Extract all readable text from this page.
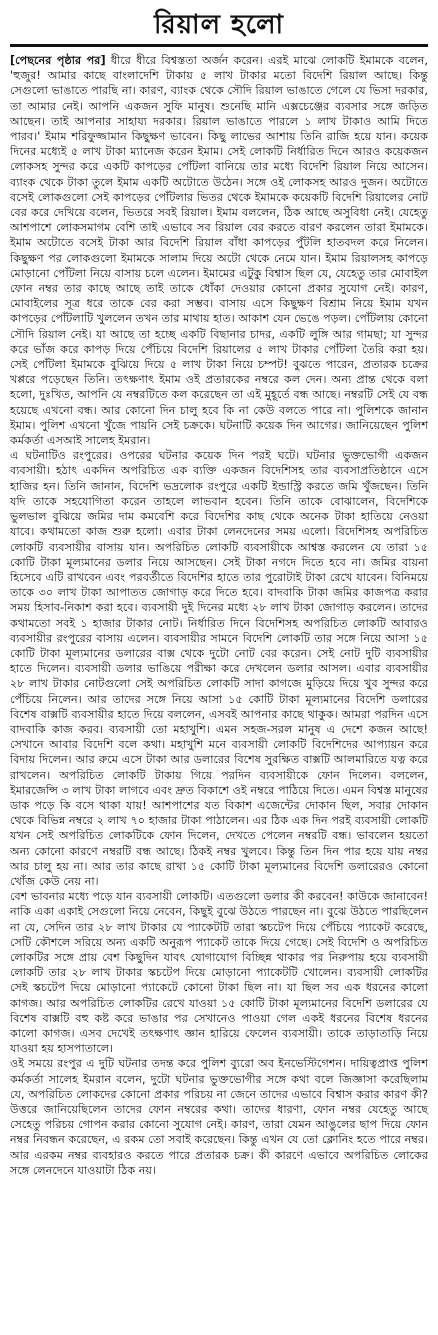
রিয়াল হলো

[পেছনের পৃষ্ঠার পর] ধীরে ধীরে বিশ্বস্ততা অর্জন করেন। এরই মাঝে লোকটি ইমামকে বলেন, 'হুজুর! আমার কাছে বাংলাদেশি টাকায় ৫ লাখ টাকার মতো বিদেশি রিয়াল আছে। কিন্তু সেগুলো ভাঙাতে পারছি না। কারণ, ব্যাংক থেকে সৌদি রিয়াল ভাঙাতে গেলে যে ভিসা দরকার, তা আমার নেই। আপনি একজন সুফি মানুষ। শুনেছি মানি এক্সচেঞ্জের ব্যবসার সঙ্গে জড়িত আছেন। তাই আপনার সাহায্য দরকার। রিয়াল ভাঙাতে পারলে ১ লাখ টাকাও আমি দিতে পারব।' ইমাম শরিফুজ্জামান কিছুক্ষণ ভাবেন। কিছু লাভের আশায় তিনি রাজি হয়ে যান। কয়েক দিনের মধ্যেই ৫ লাখ টাকা ম্যানেজ করেন ইমাম। সেই লোকটি নির্ধারিত দিনে আরও কয়েকজন লোকসহ সুন্দর করে একটি কাপড়ের পোঁটলা বানিয়ে তার মধ্যে বিদেশি রিয়াল নিয়ে আসেন। ব্যাংক থেকে টাকা তুলে ইমাম একটি অটোতে উঠেন। সঙ্গে ওই লোকসহ আরও দুজন। অটোতে বসেই লোকগুলো সেই কাপড়ের পোঁটলার ভিতর থেকে ইমামকে কয়েকটি বিদেশি রিয়ালের নোট বের করে দেখিয়ে বলেন, ভিতরে সবই রিয়াল। ইমাম বললেন, ঠিক আছে অসুবিধা নেই। যেহেতু আশপাশে লোকসমাগম বেশি তাই এভাবে সব রিয়াল বের করতে বারণ করলেন তারা ইমামকে। ইমাম অটোতে বসেই টাকা আর বিদেশি রিয়াল বাঁধা কাপড়ের পুঁটলি হাতবদল করে নিলেন। কিছুক্ষণ পর লোকগুলো ইমামকে সালাম দিয়ে অটো থেকে নেমে যান। ইমাম রিয়ালসহ কাপড়ে মোড়ানো পোঁটলা নিয়ে বাসায় চলে এলেন। ইমামের এটুকু বিশ্বাস ছিল যে, যেহেতু তার মোবাইল ফোন নম্বর তার কাছে আছে তাই তাকে ধোঁকা দেওয়ার কোনো প্রকার সুযোগ নেই। কারণ, মোবাইলের সূত্র ধরে তাকে বের করা সম্ভব। বাসায় এসে কিছুক্ষণ বিশ্রাম নিয়ে ইমাম যখন কাপড়ের পোঁটলাটি খুললেন তখন তার মাথায় হাত। আকাশ যেন ভেঙে পড়ল। পোঁটলায় কোনো সৌদি রিয়াল নেই। যা আছে তা হচ্ছে একটি বিছানার চাদর, একটি লুঙ্গি আর গামছা; যা সুন্দর করে ভাঁজ করে কাপড় দিয়ে পেঁচিয়ে বিদেশি রিয়ালের ৫ লাখ টাকার পোঁটলা তৈরি করা হয়। সেই পোঁটলা ইমামকে বুঝিয়ে দিয়ে ৫ লাখ টাকা নিয়ে চম্পট! বুঝতে পারেন, প্রতারক চক্রের খপ্পরে পড়েছেন তিনি। তৎক্ষণাৎ ইমাম ওই প্রতারকের নম্বরে কল দেন। অন্য প্রান্ত থেকে বলা হলো, দুঃখিত, আপনি যে নম্বরটিতে কল করেছেন তা এই মুহূর্তে বন্ধ আছে। নম্বরটি সেই যে বন্ধ হয়েছে এখনো বন্ধ। আর কোনো দিন চালু হবে কি না কেউ বলতে পারে না। পুলিশকে জানান ইমাম। পুলিশ এখনো খুঁজে পায়নি সেই চক্রকে। ঘটনাটি কয়েক দিন আগের। জানিয়েছেন পুলিশ কর্মকর্তা এসআই সালেহ ইমরান।

এ ঘটনাটিও রংপুরের। ওপরের ঘটনার কয়েক দিন পরই ঘটে। ঘটনার ভুক্তভোগী একজন ব্যবসায়ী। হঠাৎ একদিন অপরিচিত এক ব্যক্তি একজন বিদেশিসহ তার ব্যবসাপ্রতিষ্ঠানে এসে হাজির হন। তিনি জানান, বিদেশি ভদ্রলোক রংপুরে একটি ইন্ডাস্ট্রি করতে জমি খুঁজছেন। তিনি যদি তাকে সহযোগিতা করেন তাহলে লাভবান হবেন। তিনি তাকে বোঝালেন, বিদেশিকে ভুলভাল বুঝিয়ে জমির দাম কমবেশি করে বিদেশির কাছ থেকে অনেক টাকা হাতিয়ে নেওয়া যাবে। কথামতো কাজ শুরু হলো। এবার টাকা লেনদেনের সময় এলো। বিদেশিসহ অপরিচিত লোকটি ব্যবসায়ীর বাসায় যান। অপরিচিত লোকটি ব্যবসায়ীকে আশ্বস্ত করলেন যে তারা ১৫ কোটি টাকা মূল্যমানের ডলার নিয়ে আসছেন। সেই টাকা নগদে দিতে হবে না। জমির বায়না হিসেবে এটি রাখবেন এবং পরবর্তীতে বিদেশির হাতে তার পুরোটাই টাকা রেখে যাবেন। বিনিময়ে তাকে ৩০ লাখ টাকা আপাতত জোগাড় করে দিতে হবে। বাদবাকি টাকা জমির কাজপত্র করার সময় হিসাব-নিকাশ করা হবে। ব্যবসায়ী দুই দিনের মধ্যে ২৮ লাখ টাকা জোগাড় করলেন। তাদের কথামতো সবই ১ হাজার টাকার নোট। নির্ধারিত দিনে বিদেশিসহ অপরিচিত লোকটি আবারও ব্যবসায়ীর রংপুরের বাসায় এলেন। ব্যবসায়ীর সামনে বিদেশি লোকটি তার সঙ্গে নিয়ে আসা ১৫ কোটি টাকা মূল্যমানের ডলারের বাক্স থেকে দুটো নোট বের করেন। সেই নোট দুটি ব্যবসায়ীর হাতে দিলেন। ব্যবসায়ী ডলার ভাঙিয়ে পরীক্ষা করে দেখলেন ডলার আসল। এবার ব্যবসায়ীর ২৮ লাখ টাকার নোটগুলো সেই অপরিচিত লোকটি সাদা কাগজে মুড়িয়ে দিয়ে খুব সুন্দর করে পেঁচিয়ে নিলেন। আর তাদের সঙ্গে নিয়ে আসা ১৫ কোটি টাকা মূল্যমানের বিদেশি ডলারের বিশেষ বাক্সটি ব্যবসায়ীর হাতে দিয়ে বললেন, এসবই আপনার কাছে থাকুক। আমরা পরদিন এসে বাদবাকি কাজ করব। ব্যবসায়ী তো মহাখুশি। এমন সহজ-সরল মানুষ এ দেশে কজন আছে! সেখানে আবার বিদেশি বলে কথা। মহাখুশি মনে ব্যবসায়ী লোকটি বিদেশিদের আপ্যায়ন করে বিদায় দিলেন। আর রুমে এসে টাকা আর ডলারের বিশেষ সুরক্ষিত বাক্সটি আলমারিতে যত্ন করে রাখলেন। অপরিচিত লোকটি টাকায় গিয়ে পরদিন ব্যবসায়ীকে ফোন দিলেন। বললেন, ইমারজেন্সি ৩ লাখ টাকা লাগবে এবং দ্রুত বিকাশে ওই নম্বরে পাঠিয়ে দিতে। এমন বিশ্বস্ত মানুষের ডাক পড়ে কি বসে থাকা যায়! আশপাশের যত বিকাশ এজেন্টের দোকান ছিল, সবার দোকান থেকে বিভিন্ন নম্বরে ২ লাখ ৭০ হাজার টাকা পাঠালেন। এর ঠিক এক দিন পরই ব্যবসায়ী লোকটি যখন সেই অপরিচিত লোকটিকে ফোন দিলেন, দেখতে পেলেন নম্বরটি বন্ধ। ভাবলেন হয়তো অন্য কোনো কারণে নম্বরটি বন্ধ আছে। ঠিকই নম্বর খুলবে। কিন্তু তিন দিন পার হয়ে যায় নম্বর আর চালু হয় না। আর তার কাছে রাখা ১৫ কোটি টাকা মূল্যমানের বিদেশি ডলারেরও কোনো খোঁজ কেউ নেয় না।

বেশ ভাবনার মধ্যে পড়ে যান ব্যবসায়ী লোকটি। এতগুলো ডলার কী করবেন! কাউকে জানাবেন! নাকি একা একাই সেগুলো নিয়ে নেবেন, কিছুই বুঝে উঠতে পারছেন না। বুঝে উঠতে পারছিলেন না যে, সেদিন তার ২৮ লাখ টাকার যে প্যাকেটটি তারা স্কচটেপ দিয়ে পেঁচিয়ে প্যাকেট করেছে, সেটি কৌশলে সরিয়ে অন্য একটি অনুরূপ প্যাকেট তাকে দিয়ে গেছে। সেই বিদেশি ও অপরিচিত লোকটির সঙ্গে প্রায় বেশ কিছুদিন যাবৎ যোগাযোগ বিচ্ছিন্ন থাকার পর নিরুপায় হয়ে ব্যবসায়ী লোকটি তার ২৮ লাখ টাকার স্কচটেপ দিয়ে মোড়ানো প্যাকেটটি খোলেন। ব্যবসায়ী লোকটির সেই স্কচটেপ দিয়ে মোড়ানো প্যাকেটে কোনো টাকা ছিল না। যা ছিল সব এক ধরনের কালো কাগজ। আর অপরিচিত লোকটির রেখে যাওয়া ১৫ কোটি টাকা মূল্যমানের বিদেশি ডলারের যে বিশেষ বাক্সটি বহু কষ্ট করে ভাঙার পর সেখানেও পাওয়া গেল একই ধরনের বিশেষ ধরনের কালো কাগজ। এসব দেখেই তৎক্ষণাৎ জ্ঞান হারিয়ে ফেলেন ব্যবসায়ী। তাকে তাড়াতাড়ি নিয়ে যাওয়া হয় হাসপাতালে।

ওই সময়ে রংপুর এ দুটি ঘটনার তদন্ত করে পুলিশ ব্যুরো অব ইনভেস্টিগেশন। দায়িত্বপ্রাপ্ত পুলিশ কর্মকর্তা সালেহ ইমরান বলেন, দুটো ঘটনার ভুক্তভোগীর সঙ্গে কথা বলে জিজ্ঞাসা করেছিলাম যে, অপরিচিত লোকদের কোনো প্রকার পরিচয় না জেনে তাদের এভাবে বিশ্বাস করার কারণ কী? উত্তরে জানিয়েছিলেন তাদের ফোন নম্বরের কথা। তাদের ধারণা, ফোন নম্বর যেহেতু আছে সেহেতু পরিচয় গোপন করার কোনো সুযোগ নেই। কারণ, তারা যেমন আঙুলের ছাপ দিয়ে ফোন নম্বর নিবন্ধন করেছেন, এ রকম তো সবাই করেছেন। কিন্তু এখন যে তো ক্লোনিং হতে পারে নম্বর। আর এরকম নম্বর ব্যবহারও করতে পারে প্রতারক চক্র। কী কারণে এভাবে অপরিচিত লোকের সঙ্গে লেনদেনে যাওয়াটা ঠিক নয়।
